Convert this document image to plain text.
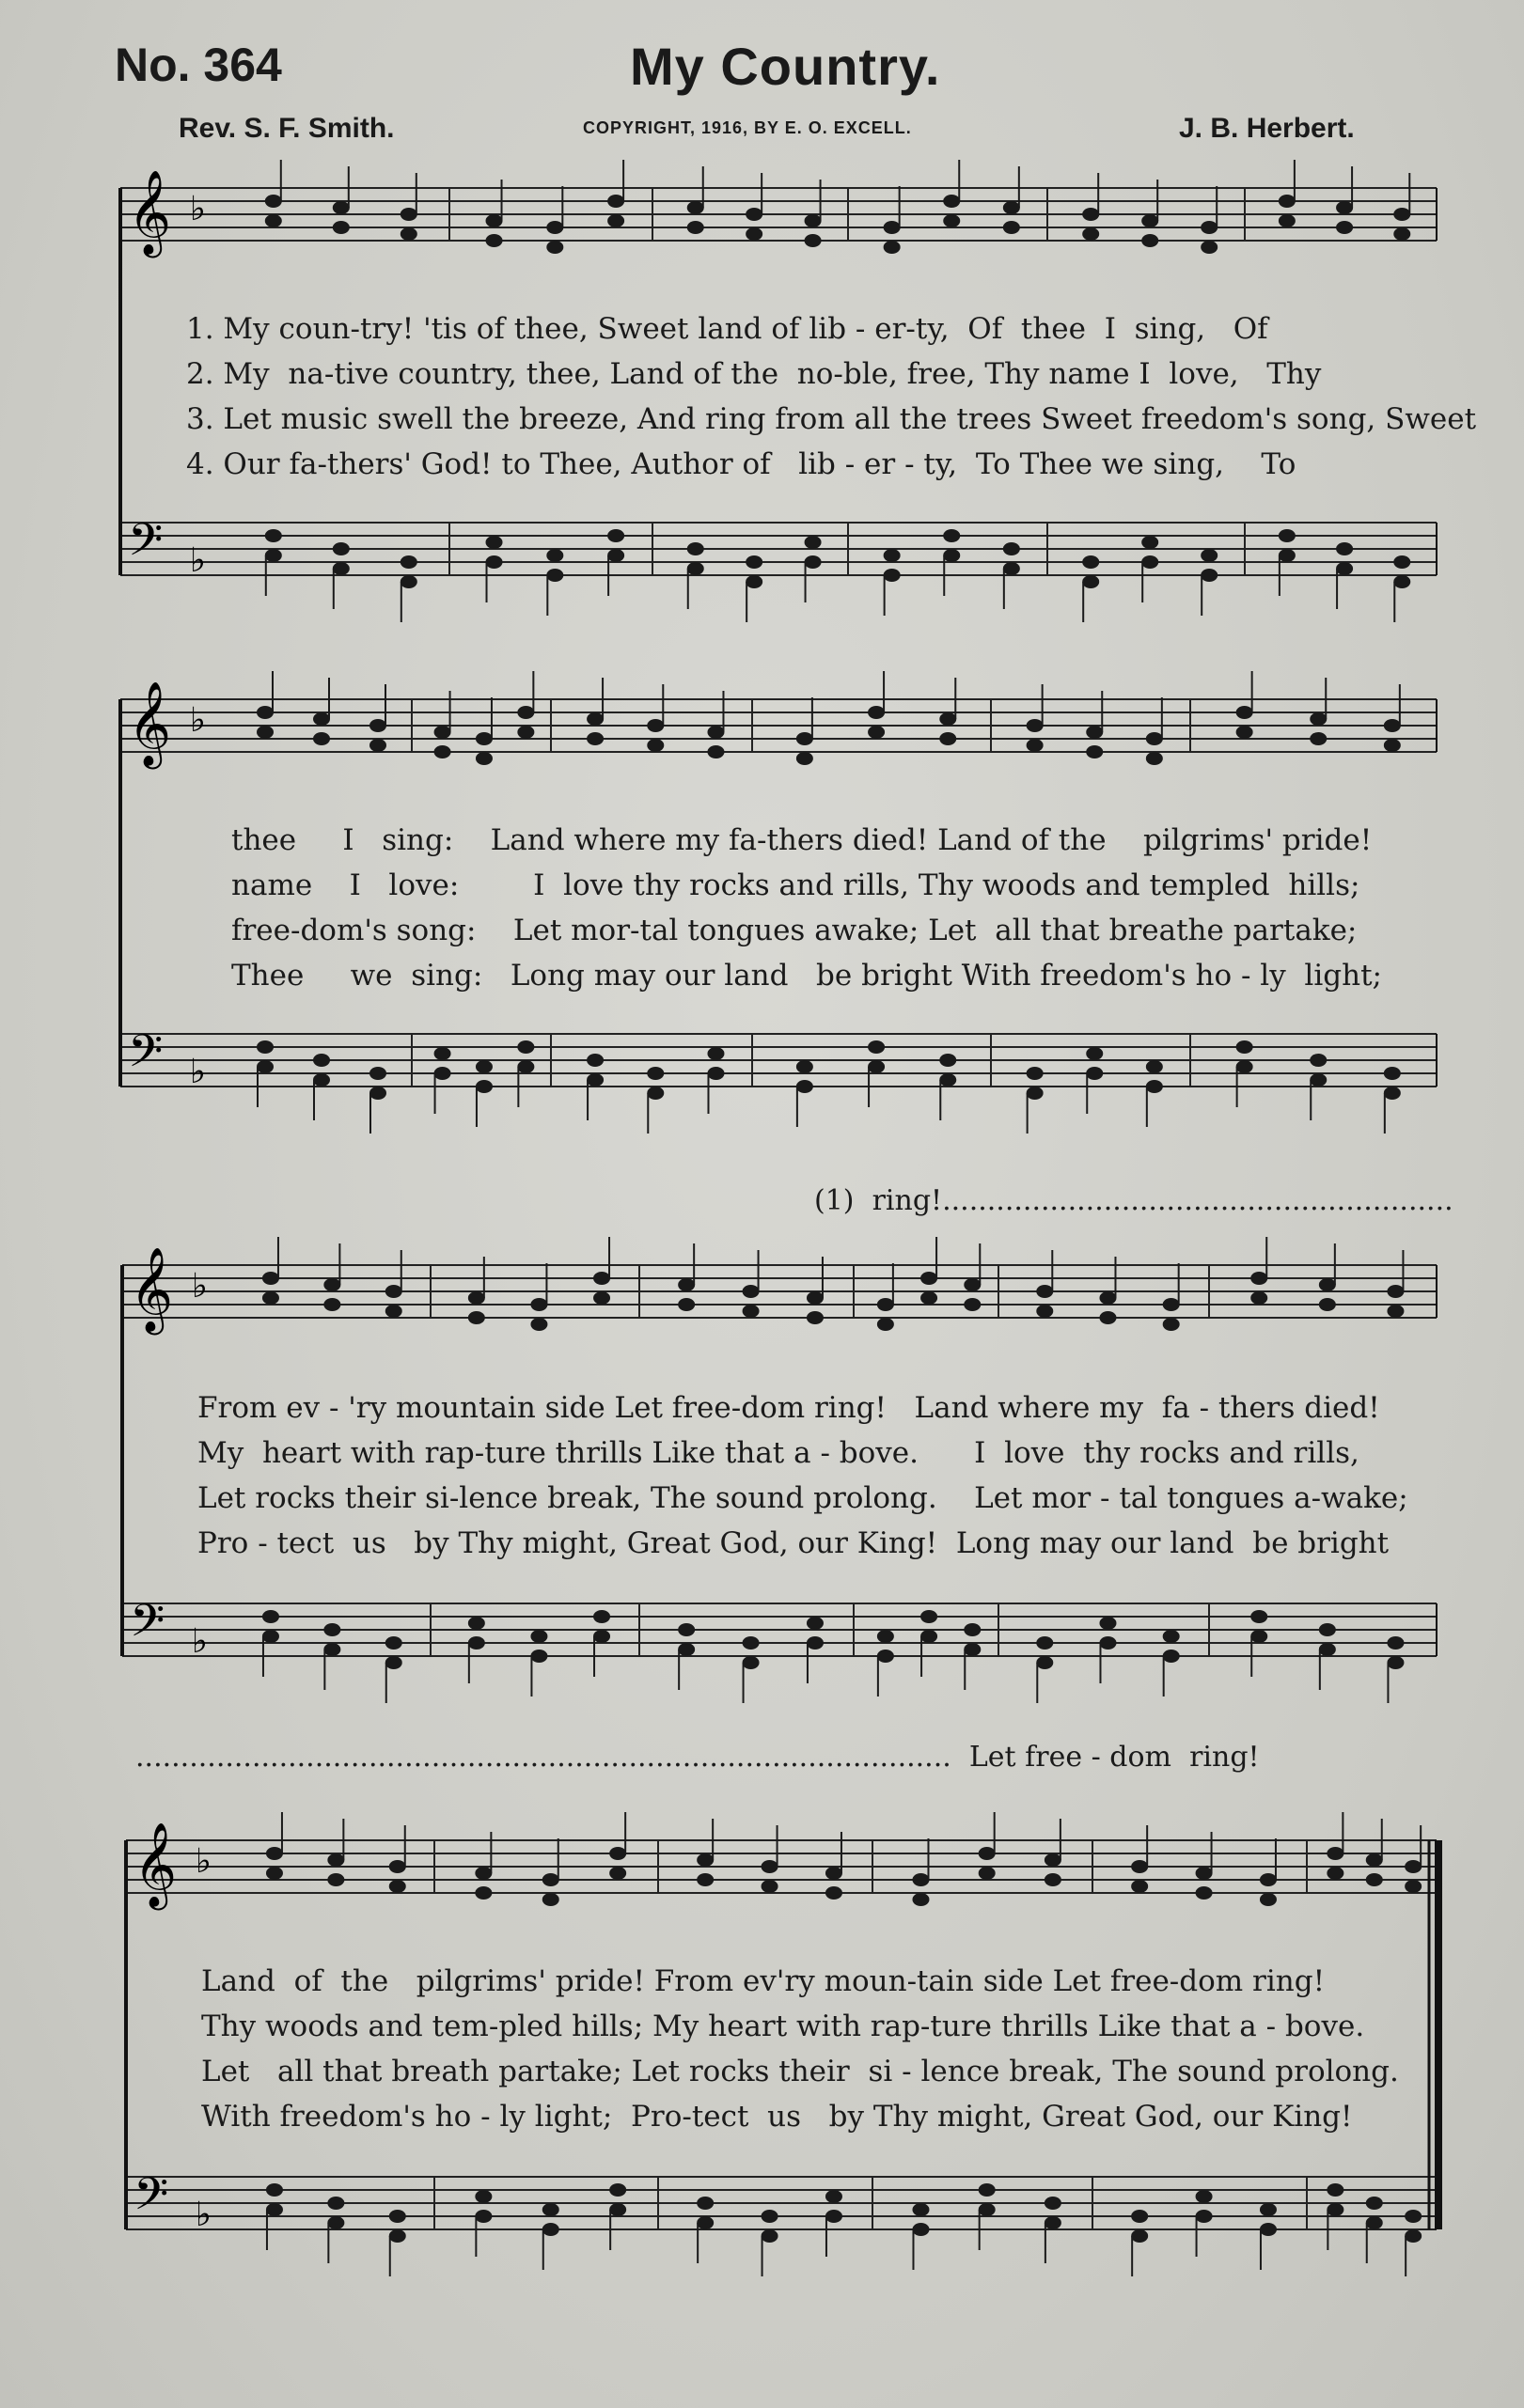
No. 364	My Country.
Rev. S. F. Smith.	COPYRIGHT, 1916, BY E. O. EXCELL.	J. B. Herbert.
𝄞
𝄢
♭
♭
𝄞
𝄢
♭
♭
𝄞
𝄢
♭
♭
𝄞
𝄢
♭
♭
1. My coun-try! 'tis of thee, Sweet land of lib - er-ty,  Of  thee  I  sing,   Of
2. My  na-tive country, thee, Land of the  no-ble, free, Thy name I  love,   Thy
3. Let music swell the breeze, And ring from all the trees Sweet freedom's song, Sweet
4. Our fa-thers' God! to Thee, Author of   lib - er - ty,  To Thee we sing,    To
thee     I   sing:    Land where my fa-thers died! Land of the    pilgrims' pride!
name    I   love:        I  love thy rocks and rills, Thy woods and templed  hills;
free-dom's song:    Let mor-tal tongues awake; Let  all that breathe partake;
Thee     we  sing:   Long may our land   be bright With freedom's ho - ly  light;
(1)  ring!.........................................................
From ev - 'ry mountain side Let free-dom ring!   Land where my  fa - thers died!
My  heart with rap-ture thrills Like that a - bove.      I  love  thy rocks and rills,
Let rocks their si-lence break, The sound prolong.    Let mor - tal tongues a-wake;
Pro - tect  us   by Thy might, Great God, our King!  Long may our land  be bright
...........................................................................................  Let free - dom  ring!
Land  of  the   pilgrims' pride! From ev'ry moun-tain side Let free-dom ring!
Thy woods and tem-pled hills; My heart with rap-ture thrills Like that a - bove.
Let   all that breath partake; Let rocks their  si - lence break, The sound prolong.
With freedom's ho - ly light;  Pro-tect  us   by Thy might, Great God, our King!
